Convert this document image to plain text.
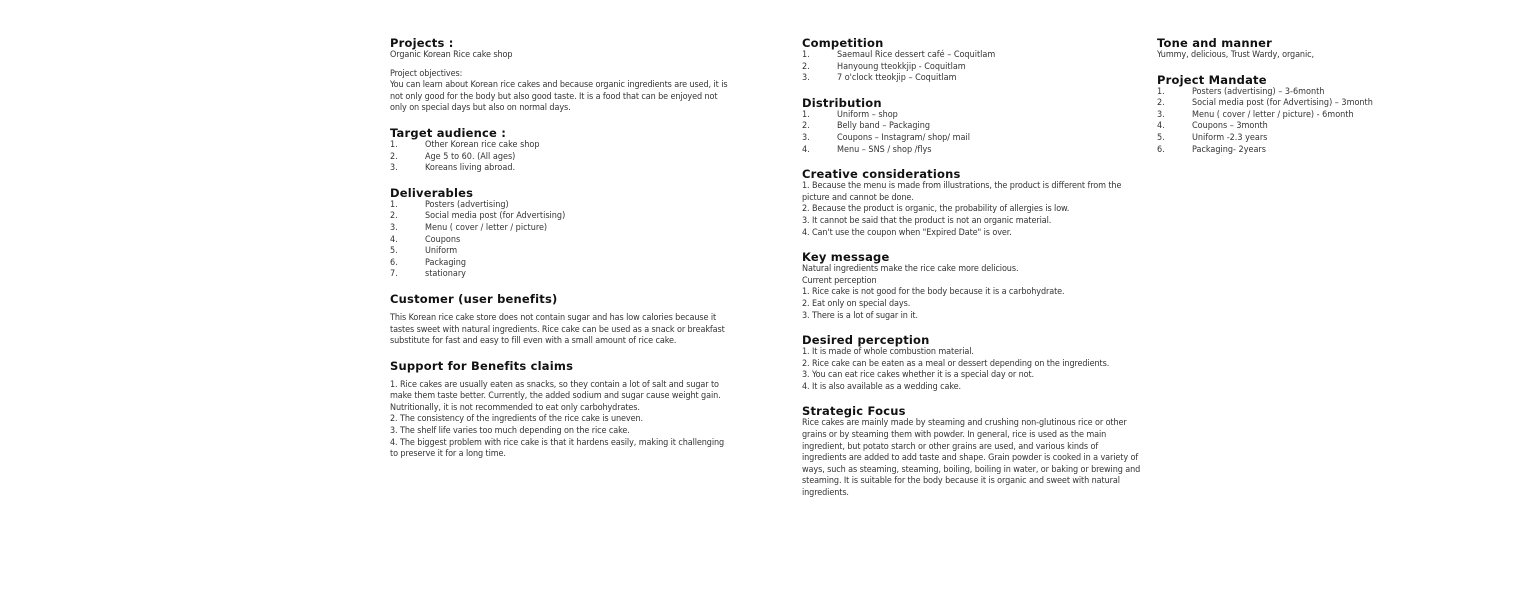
Projects :
Organic Korean Rice cake shop
Project objectives:
You can learn about Korean rice cakes and because organic ingredients are used, it is not only good for the body but also good taste. It is a food that can be enjoyed not only on special days but also on normal days.
Target audience :
1.	Other Korean rice cake shop
2.	Age 5 to 60. (All ages)
3.	Koreans living abroad.
Deliverables
1.	Posters (advertising)
2.	Social media post (for Advertising)
3.	Menu ( cover / letter / picture)
4.	Coupons
5.	Uniform
6.	Packaging
7.	stationary
Customer (user benefits)
This Korean rice cake store does not contain sugar and has low calories because it tastes sweet with natural ingredients. Rice cake can be used as a snack or breakfast substitute for fast and easy to fill even with a small amount of rice cake.
Support for Benefits claims
1. Rice cakes are usually eaten as snacks, so they contain a lot of salt and sugar to make them taste better. Currently, the added sodium and sugar cause weight gain. Nutritionally, it is not recommended to eat only carbohydrates.
2. The consistency of the ingredients of the rice cake is uneven.
3. The shelf life varies too much depending on the rice cake.
4. The biggest problem with rice cake is that it hardens easily, making it challenging to preserve it for a long time.
Competition
1.	Saemaul Rice dessert café – Coquitlam
2.	Hanyoung tteokkjip - Coquitlam
3.	7 o'clock tteokjip – Coquitlam
Distribution
1.	Uniform – shop
2.	Belly band – Packaging
3.	Coupons – Instagram/ shop/ mail
4.	Menu – SNS / shop /flys
Creative considerations
1. Because the menu is made from illustrations, the product is different from the picture and cannot be done.
2. Because the product is organic, the probability of allergies is low.
3. It cannot be said that the product is not an organic material.
4. Can't use the coupon when "Expired Date" is over.
Key message
Natural ingredients make the rice cake more delicious.
Current perception
1. Rice cake is not good for the body because it is a carbohydrate.
2. Eat only on special days.
3. There is a lot of sugar in it.
Desired perception
1. It is made of whole combustion material.
2. Rice cake can be eaten as a meal or dessert depending on the ingredients.
3. You can eat rice cakes whether it is a special day or not.
4. It is also available as a wedding cake.
Strategic Focus
Rice cakes are mainly made by steaming and crushing non-glutinous rice or other grains or by steaming them with powder. In general, rice is used as the main ingredient, but potato starch or other grains are used, and various kinds of ingredients are added to add taste and shape. Grain powder is cooked in a variety of ways, such as steaming, steaming, boiling, boiling in water, or baking or brewing and steaming. It is suitable for the body because it is organic and sweet with natural ingredients.
Tone and manner
Yummy, delicious, Trust Wardy, organic,
Project Mandate
1.	Posters (advertising) – 3-6month
2.	Social media post (for Advertising) – 3month
3.	Menu ( cover / letter / picture) - 6month
4.	Coupons – 3month
5.	Uniform -2.3 years
6.	Packaging- 2years
